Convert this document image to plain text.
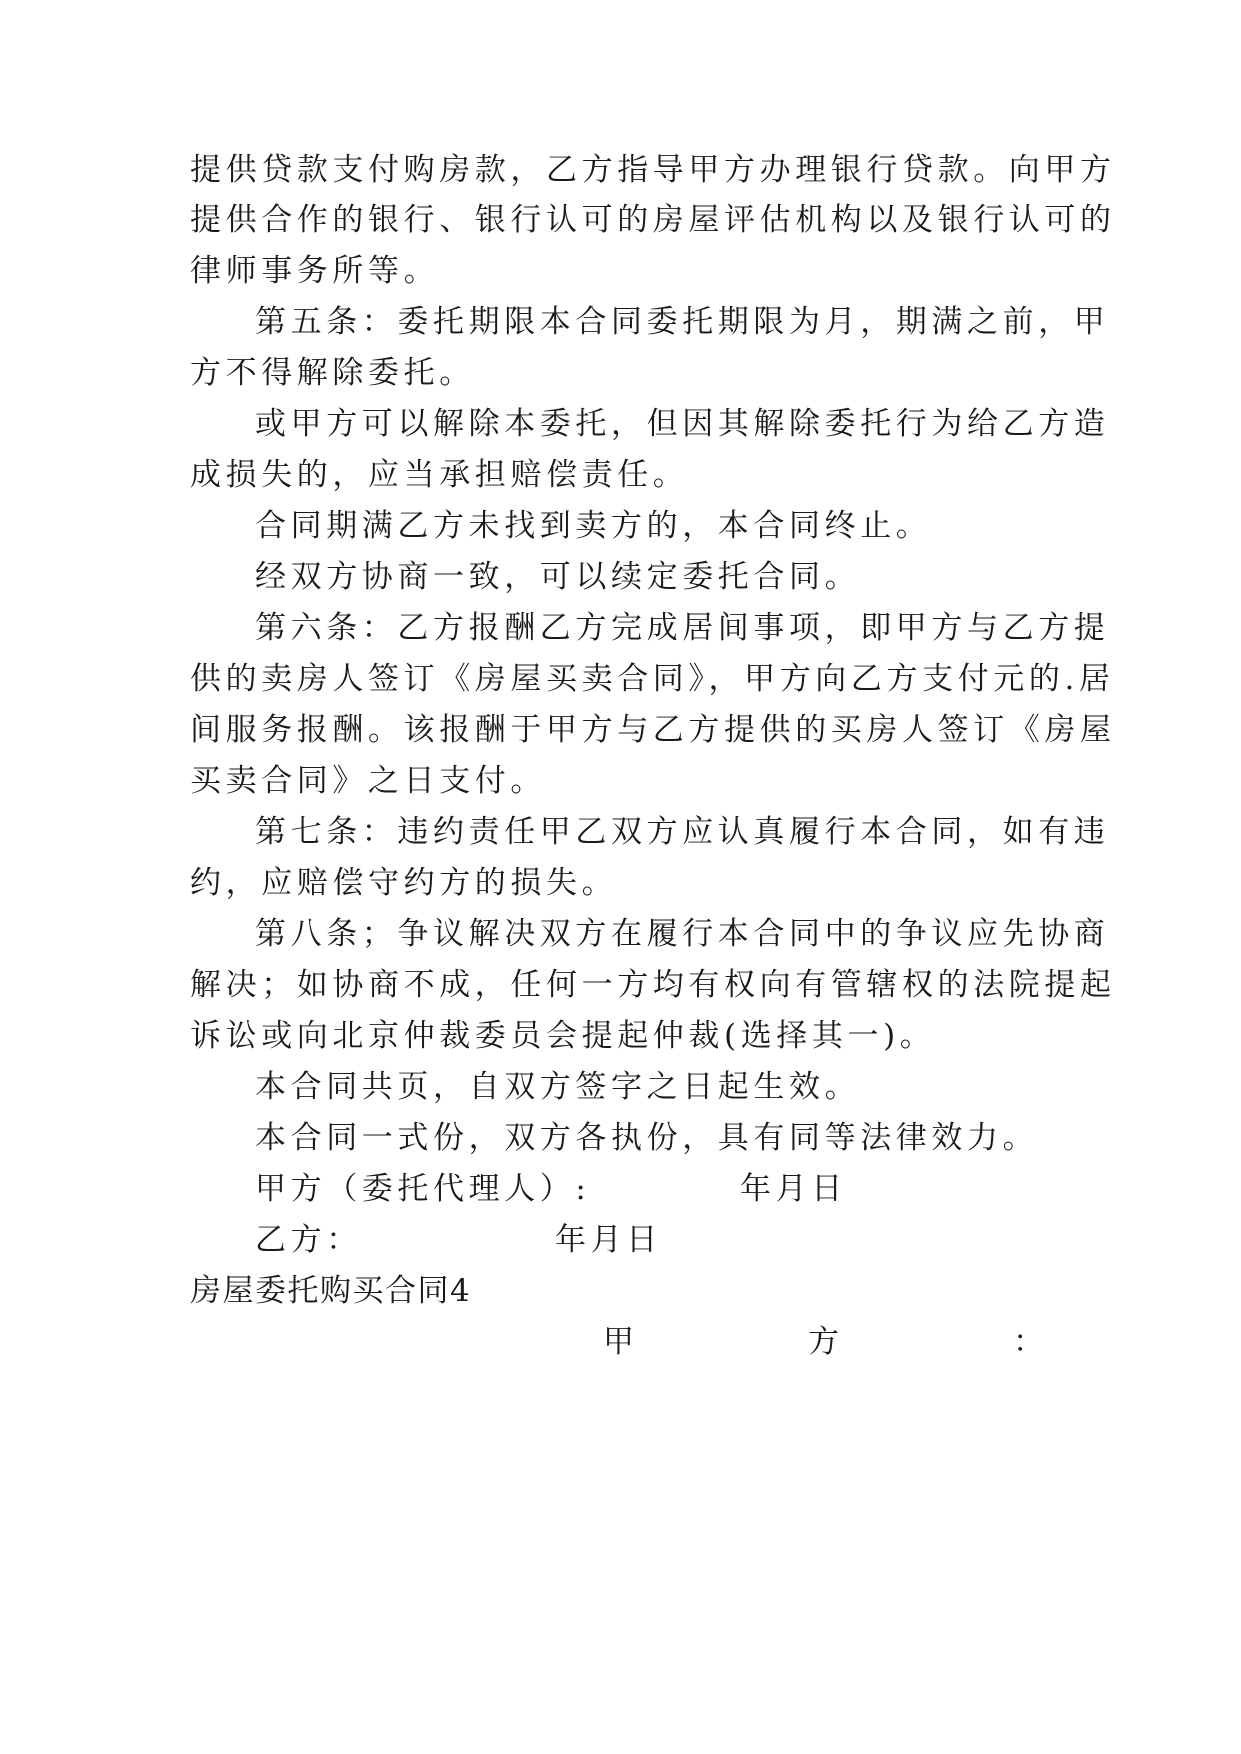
提供贷款支付购房款，乙方指导甲方办理银行贷款。向甲方
提供合作的银行、银行认可的房屋评估机构以及银行认可的
律师事务所等。
第五条：委托期限本合同委托期限为月，期满之前，甲
方不得解除委托。
或甲方可以解除本委托，但因其解除委托行为给乙方造
成损失的，应当承担赔偿责任。
合同期满乙方未找到卖方的，本合同终止。
经双方协商一致，可以续定委托合同。
第六条：乙方报酬乙方完成居间事项，即甲方与乙方提
供的卖房人签订《房屋买卖合同》，甲方向乙方支付元的.居
间服务报酬。该报酬于甲方与乙方提供的买房人签订《房屋
买卖合同》之日支付。
第七条：违约责任甲乙双方应认真履行本合同，如有违
约，应赔偿守约方的损失。
第八条；争议解决双方在履行本合同中的争议应先协商
解决；如协商不成，任何一方均有权向有管辖权的法院提起
诉讼或向北京仲裁委员会提起仲裁(选择其一)。
本合同共页，自双方签字之日起生效。
本合同一式份，双方各执份，具有同等法律效力。
甲方（委托代理人）:	年月日
乙方：	年月日
房屋委托购买合同4
甲	方	：
